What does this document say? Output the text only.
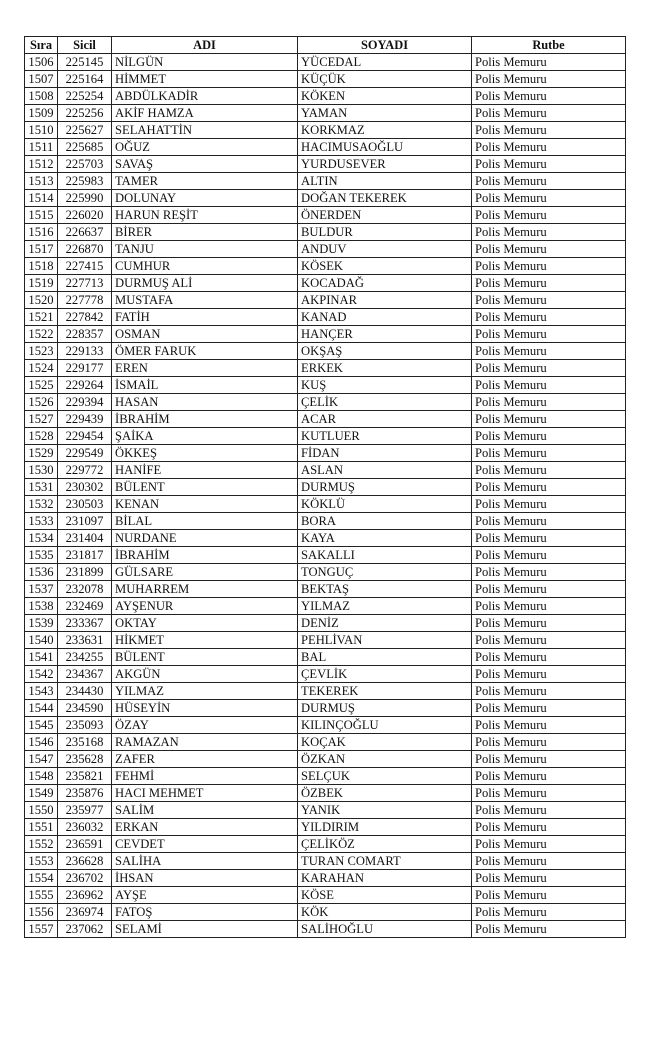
Sıra	Sicil	ADI	SOYADI	Rutbe
1506	225145	NİLGÜN	YÜCEDAL	Polis Memuru
1507	225164	HİMMET	KÜÇÜK	Polis Memuru
1508	225254	ABDÜLKADİR	KÖKEN	Polis Memuru
1509	225256	AKİF HAMZA	YAMAN	Polis Memuru
1510	225627	SELAHATTİN	KORKMAZ	Polis Memuru
1511	225685	OĞUZ	HACIMUSAOĞLU	Polis Memuru
1512	225703	SAVAŞ	YURDUSEVER	Polis Memuru
1513	225983	TAMER	ALTIN	Polis Memuru
1514	225990	DOLUNAY	DOĞAN TEKEREK	Polis Memuru
1515	226020	HARUN REŞİT	ÖNERDEN	Polis Memuru
1516	226637	BİRER	BULDUR	Polis Memuru
1517	226870	TANJU	ANDUV	Polis Memuru
1518	227415	CUMHUR	KÖSEK	Polis Memuru
1519	227713	DURMUŞ ALİ	KOCADAĞ	Polis Memuru
1520	227778	MUSTAFA	AKPINAR	Polis Memuru
1521	227842	FATİH	KANAD	Polis Memuru
1522	228357	OSMAN	HANÇER	Polis Memuru
1523	229133	ÖMER FARUK	OKŞAŞ	Polis Memuru
1524	229177	EREN	ERKEK	Polis Memuru
1525	229264	İSMAİL	KUŞ	Polis Memuru
1526	229394	HASAN	ÇELİK	Polis Memuru
1527	229439	İBRAHİM	ACAR	Polis Memuru
1528	229454	ŞAİKA	KUTLUER	Polis Memuru
1529	229549	ÖKKEŞ	FİDAN	Polis Memuru
1530	229772	HANİFE	ASLAN	Polis Memuru
1531	230302	BÜLENT	DURMUŞ	Polis Memuru
1532	230503	KENAN	KÖKLÜ	Polis Memuru
1533	231097	BİLAL	BORA	Polis Memuru
1534	231404	NURDANE	KAYA	Polis Memuru
1535	231817	İBRAHİM	SAKALLI	Polis Memuru
1536	231899	GÜLSARE	TONGUÇ	Polis Memuru
1537	232078	MUHARREM	BEKTAŞ	Polis Memuru
1538	232469	AYŞENUR	YILMAZ	Polis Memuru
1539	233367	OKTAY	DENİZ	Polis Memuru
1540	233631	HİKMET	PEHLİVAN	Polis Memuru
1541	234255	BÜLENT	BAL	Polis Memuru
1542	234367	AKGÜN	ÇEVLİK	Polis Memuru
1543	234430	YILMAZ	TEKEREK	Polis Memuru
1544	234590	HÜSEYİN	DURMUŞ	Polis Memuru
1545	235093	ÖZAY	KILINÇOĞLU	Polis Memuru
1546	235168	RAMAZAN	KOÇAK	Polis Memuru
1547	235628	ZAFER	ÖZKAN	Polis Memuru
1548	235821	FEHMİ	SELÇUK	Polis Memuru
1549	235876	HACI MEHMET	ÖZBEK	Polis Memuru
1550	235977	SALİM	YANIK	Polis Memuru
1551	236032	ERKAN	YILDIRIM	Polis Memuru
1552	236591	CEVDET	ÇELİKÖZ	Polis Memuru
1553	236628	SALİHA	TURAN COMART	Polis Memuru
1554	236702	İHSAN	KARAHAN	Polis Memuru
1555	236962	AYŞE	KÖSE	Polis Memuru
1556	236974	FATOŞ	KÖK	Polis Memuru
1557	237062	SELAMİ	SALİHOĞLU	Polis Memuru
